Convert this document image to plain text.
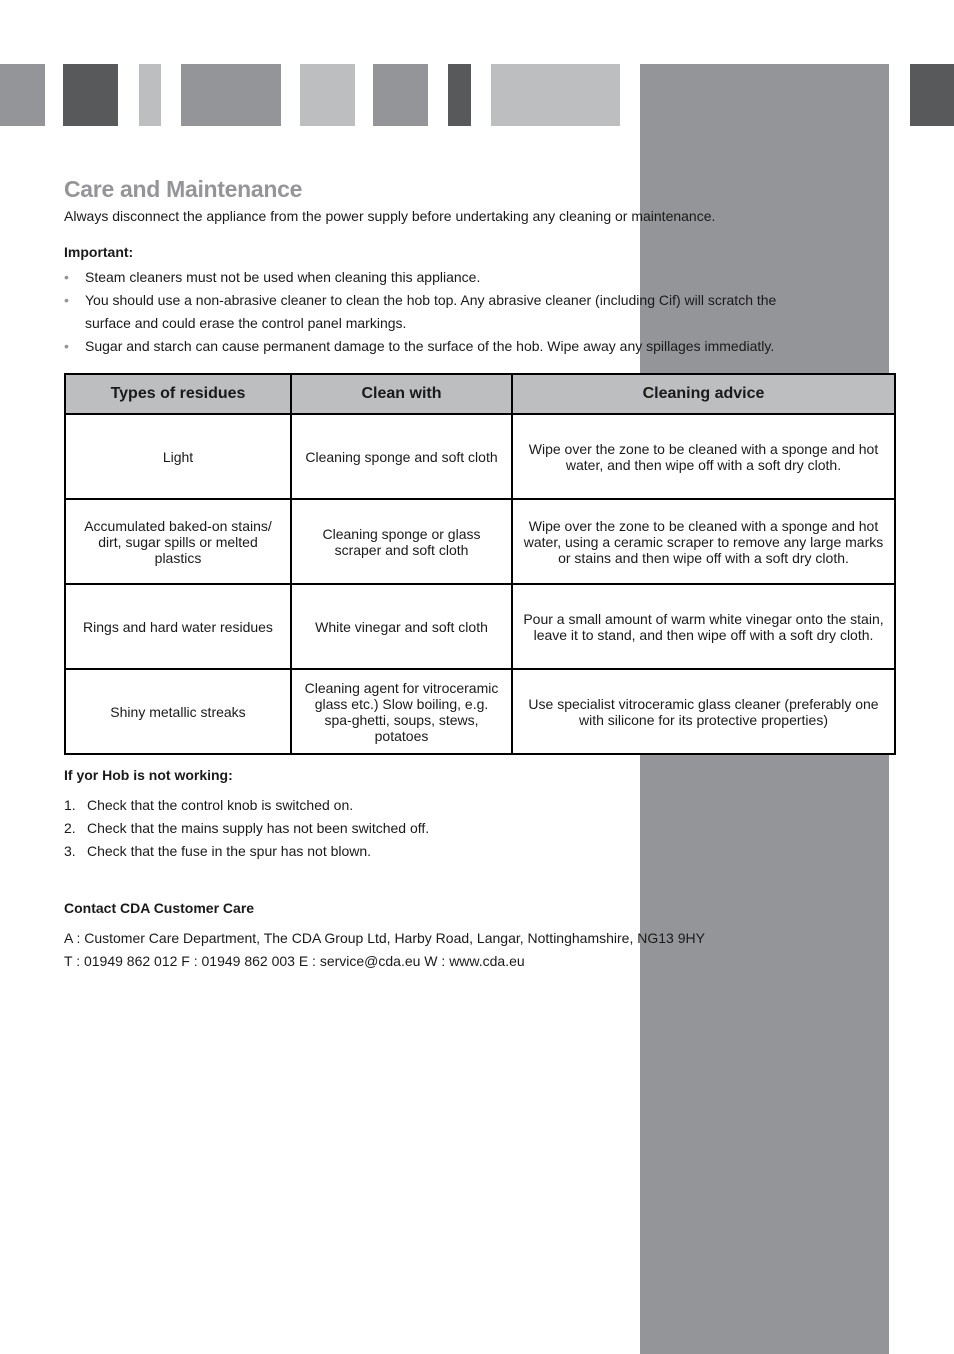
Care and Maintenance
Always disconnect the appliance from the power supply before undertaking any cleaning or maintenance.
Important:
• Steam cleaners must not be used when cleaning this appliance.
• You should use a non-abrasive cleaner to clean the hob top. Any abrasive cleaner (including Cif) will scratch the surface and could erase the control panel markings.
• Sugar and starch can cause permanent damage to the surface of the hob. Wipe away any spillages immediatly.
Types of residues	Clean with	Cleaning advice
Light	Cleaning sponge and soft cloth	Wipe over the zone to be cleaned with a sponge and hot water, and then wipe off with a soft dry cloth.
Accumulated baked-on stains/ dirt, sugar spills or melted plastics	Cleaning sponge or glass scraper and soft cloth	Wipe over the zone to be cleaned with a sponge and hot water, using a ceramic scraper to remove any large marks or stains and then wipe off with a soft dry cloth.
Rings and hard water residues	White vinegar and soft cloth	Pour a small amount of warm white vinegar onto the stain, leave it to stand, and then wipe off with a soft dry cloth.
Shiny metallic streaks	Cleaning agent for vitroceramic glass etc.) Slow boiling, e.g. spa-ghetti, soups, stews, potatoes	Use specialist vitroceramic glass cleaner (preferably one with silicone for its protective properties)
If yor Hob is not working:
1. Check that the control knob is switched on.
2. Check that the mains supply has not been switched off.
3. Check that the fuse in the spur has not blown.
Contact CDA Customer Care
A : Customer Care Department, The CDA Group Ltd, Harby Road, Langar, Nottinghamshire, NG13 9HY
T : 01949 862 012 F : 01949 862 003 E : service@cda.eu W : www.cda.eu
